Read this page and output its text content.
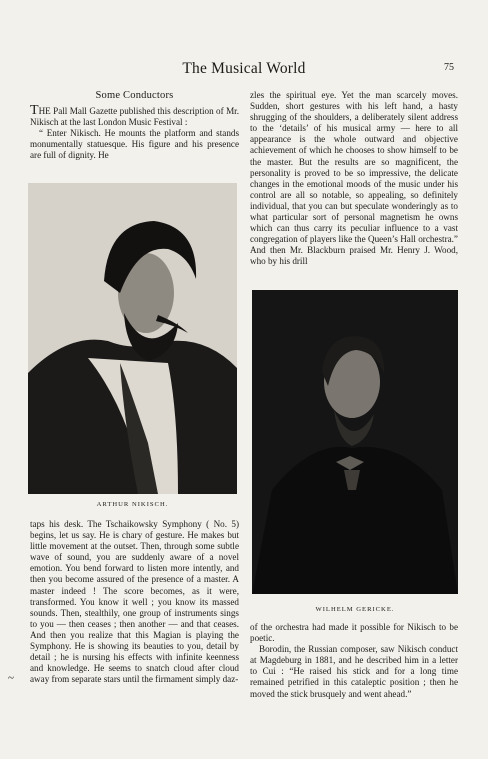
The Musical World	75

Some Conductors

THE Pall Mall Gazette published this description of Mr. Nikisch at the last London Music Festival :

“ Enter Nikisch. He mounts the platform and stands monumentally statuesque. His figure and his presence are full of dignity. He

ARTHUR NIKISCH.

taps his desk. The Tschaikowsky Symphony ( No. 5) begins, let us say. He is chary of gesture. He makes but little movement at the outset. Then, through some subtle wave of sound, you are suddenly aware of a novel emotion. You bend forward to listen more intently, and then you become assured of the presence of a master. A master indeed ! The score becomes, as it were, transformed. You know it well ; you know its massed sounds. Then, stealthily, one group of instruments sings to you — then ceases ; then another — and that ceases. And then you realize that this Magian is playing the Symphony. He is showing its beauties to you, detail by detail ; he is nursing his effects with infinite keenness and knowledge. He seems to snatch cloud after cloud away from separate stars until the firmament simply daz-

zles the spiritual eye. Yet the man scarcely moves. Sudden, short gestures with his left hand, a hasty shrugging of the shoulders, a deliberately silent address to the ‘details’ of his musical army — here to all appearance is the whole outward and objective achievement of which he chooses to show himself to be the master. But the results are so magnificent, the personality is proved to be so impressive, the delicate changes in the emotional moods of the music under his control are all so notable, so appealing, so definitely individual, that you can but speculate wonderingly as to what particular sort of personal magnetism he owns which can thus carry its peculiar influence to a vast congregation of players like the Queen’s Hall orchestra.” And then Mr. Blackburn praised Mr. Henry J. Wood, who by his drill

WILHELM GERICKE.

of the orchestra had made it possible for Nikisch to be poetic.

Borodin, the Russian composer, saw Nikisch conduct at Magdeburg in 1881, and he described him in a letter to Cui : “He raised his stick and for a long time remained petrified in this cataleptic position ; then he moved the stick brusquely and went ahead.”

~
